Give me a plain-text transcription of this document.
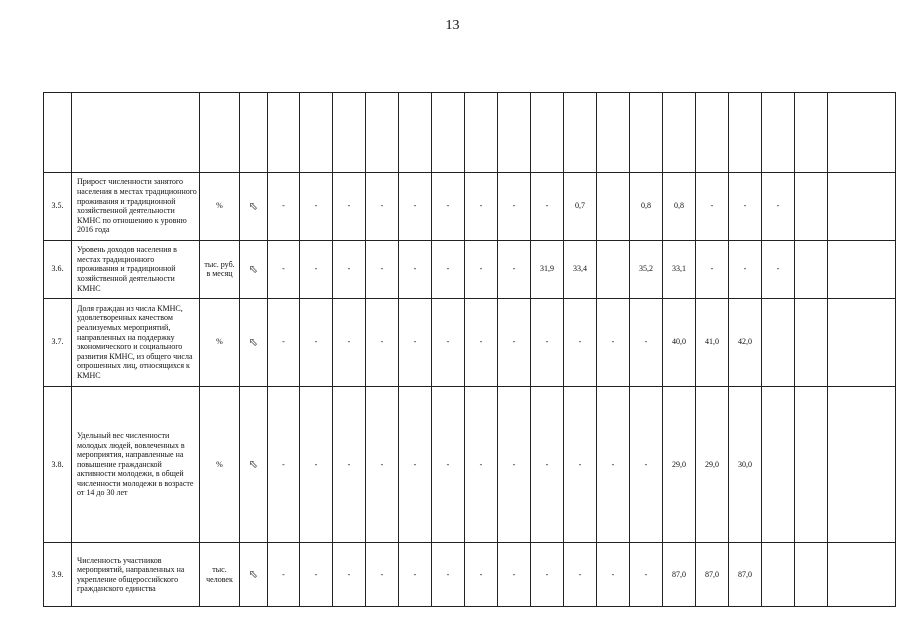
13

3.5.	Прирост численности занятого населения в местах традиционного проживания и традиционной хозяйственной деятельности КМНС по отношению к уровню 2016 года	%	⇧	-	-	-	-	-	-	-	-	-	0,7		0,8	0,8	-	-	-			
3.6.	Уровень доходов населения в местах традиционного проживания и традиционной хозяйственной деятельности КМНС	тыс. руб. в месяц	⇧	-	-	-	-	-	-	-	-	31,9	33,4		35,2	33,1	-	-	-			
3.7.	Доля граждан из числа КМНС, удовлетворенных качеством реализуемых мероприятий, направленных на поддержку экономического и социального развития КМНС, из общего числа опрошенных лиц, относящихся к КМНС	%	⇧	-	-	-	-	-	-	-	-	-	-	-	-	40,0	41,0	42,0				
3.8.	Удельный вес численности молодых людей, вовлеченных в мероприятия, направленные на повышение гражданской активности молодежи, в общей численности молодежи в возрасте от 14 до 30 лет	%	⇧	-	-	-	-	-	-	-	-	-	-	-	-	29,0	29,0	30,0				
3.9.	Численность участников мероприятий, направленных на укрепление общероссийского гражданского единства	тыс. человек	⇧	-	-	-	-	-	-	-	-	-	-	-	-	87,0	87,0	87,0				
